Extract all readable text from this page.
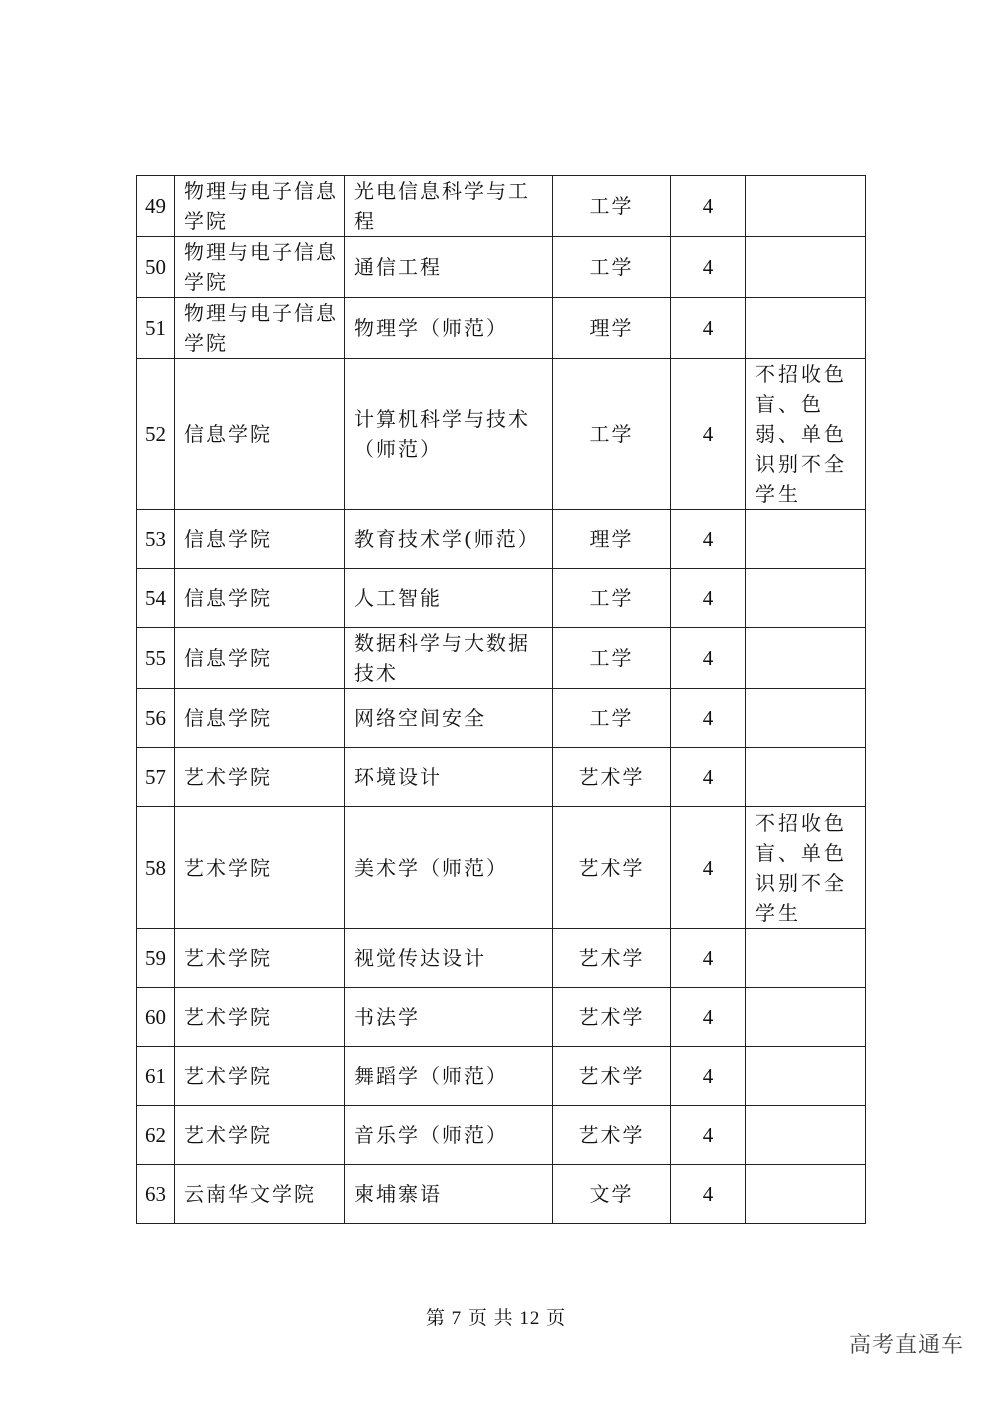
49	物理与电子信息学院	光电信息科学与工程	工学	4	
50	物理与电子信息学院	通信工程	工学	4	
51	物理与电子信息学院	物理学（师范）	理学	4	
52	信息学院	计算机科学与技术（师范）	工学	4	不招收色盲、色弱、单色识别不全学生
53	信息学院	教育技术学(师范）	理学	4	
54	信息学院	人工智能	工学	4	
55	信息学院	数据科学与大数据技术	工学	4	
56	信息学院	网络空间安全	工学	4	
57	艺术学院	环境设计	艺术学	4	
58	艺术学院	美术学（师范）	艺术学	4	不招收色盲、单色识别不全学生
59	艺术学院	视觉传达设计	艺术学	4	
60	艺术学院	书法学	艺术学	4	
61	艺术学院	舞蹈学（师范）	艺术学	4	
62	艺术学院	音乐学（师范）	艺术学	4	
63	云南华文学院	柬埔寨语	文学	4	
第 7 页 共 12 页
高考直通车
